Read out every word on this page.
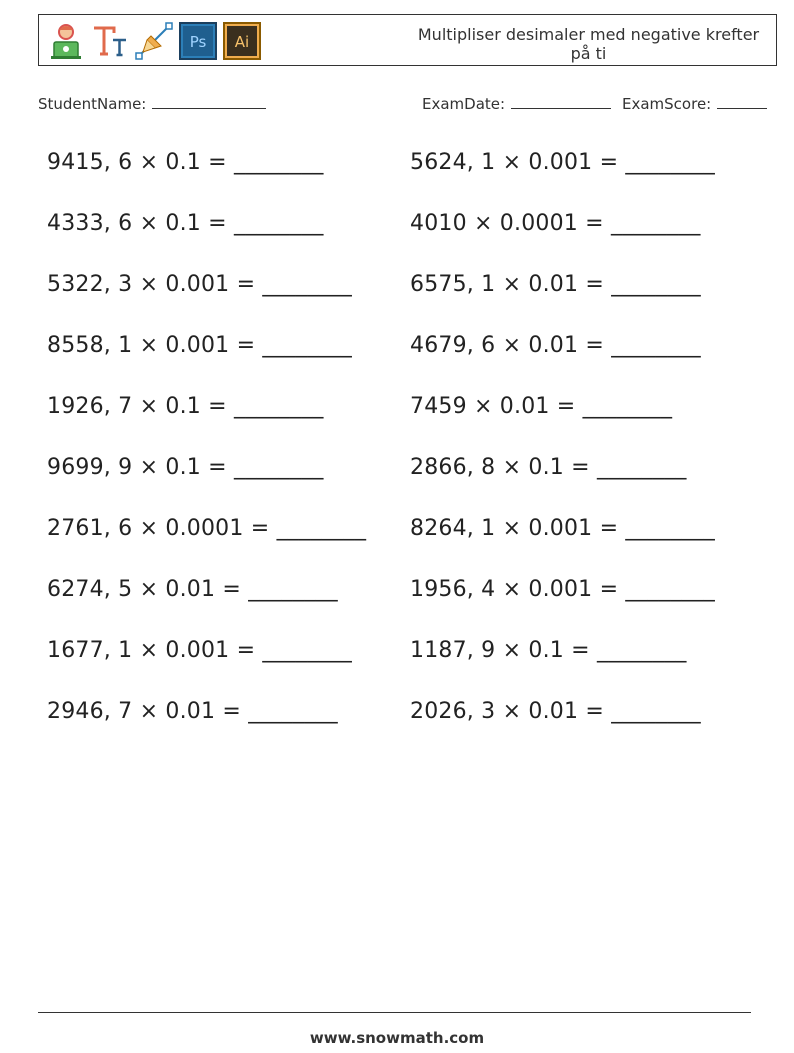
Ps Ai	Multipliser desimaler med negative krefter på ti
StudentName:	ExamDate:	ExamScore:
9415, 6 × 0.1 = ________
4333, 6 × 0.1 = ________
5322, 3 × 0.001 = ________
8558, 1 × 0.001 = ________
1926, 7 × 0.1 = ________
9699, 9 × 0.1 = ________
2761, 6 × 0.0001 = ________
6274, 5 × 0.01 = ________
1677, 1 × 0.001 = ________
2946, 7 × 0.01 = ________
5624, 1 × 0.001 = ________
4010 × 0.0001 = ________
6575, 1 × 0.01 = ________
4679, 6 × 0.01 = ________
7459 × 0.01 = ________
2866, 8 × 0.1 = ________
8264, 1 × 0.001 = ________
1956, 4 × 0.001 = ________
1187, 9 × 0.1 = ________
2026, 3 × 0.01 = ________
www.snowmath.com
